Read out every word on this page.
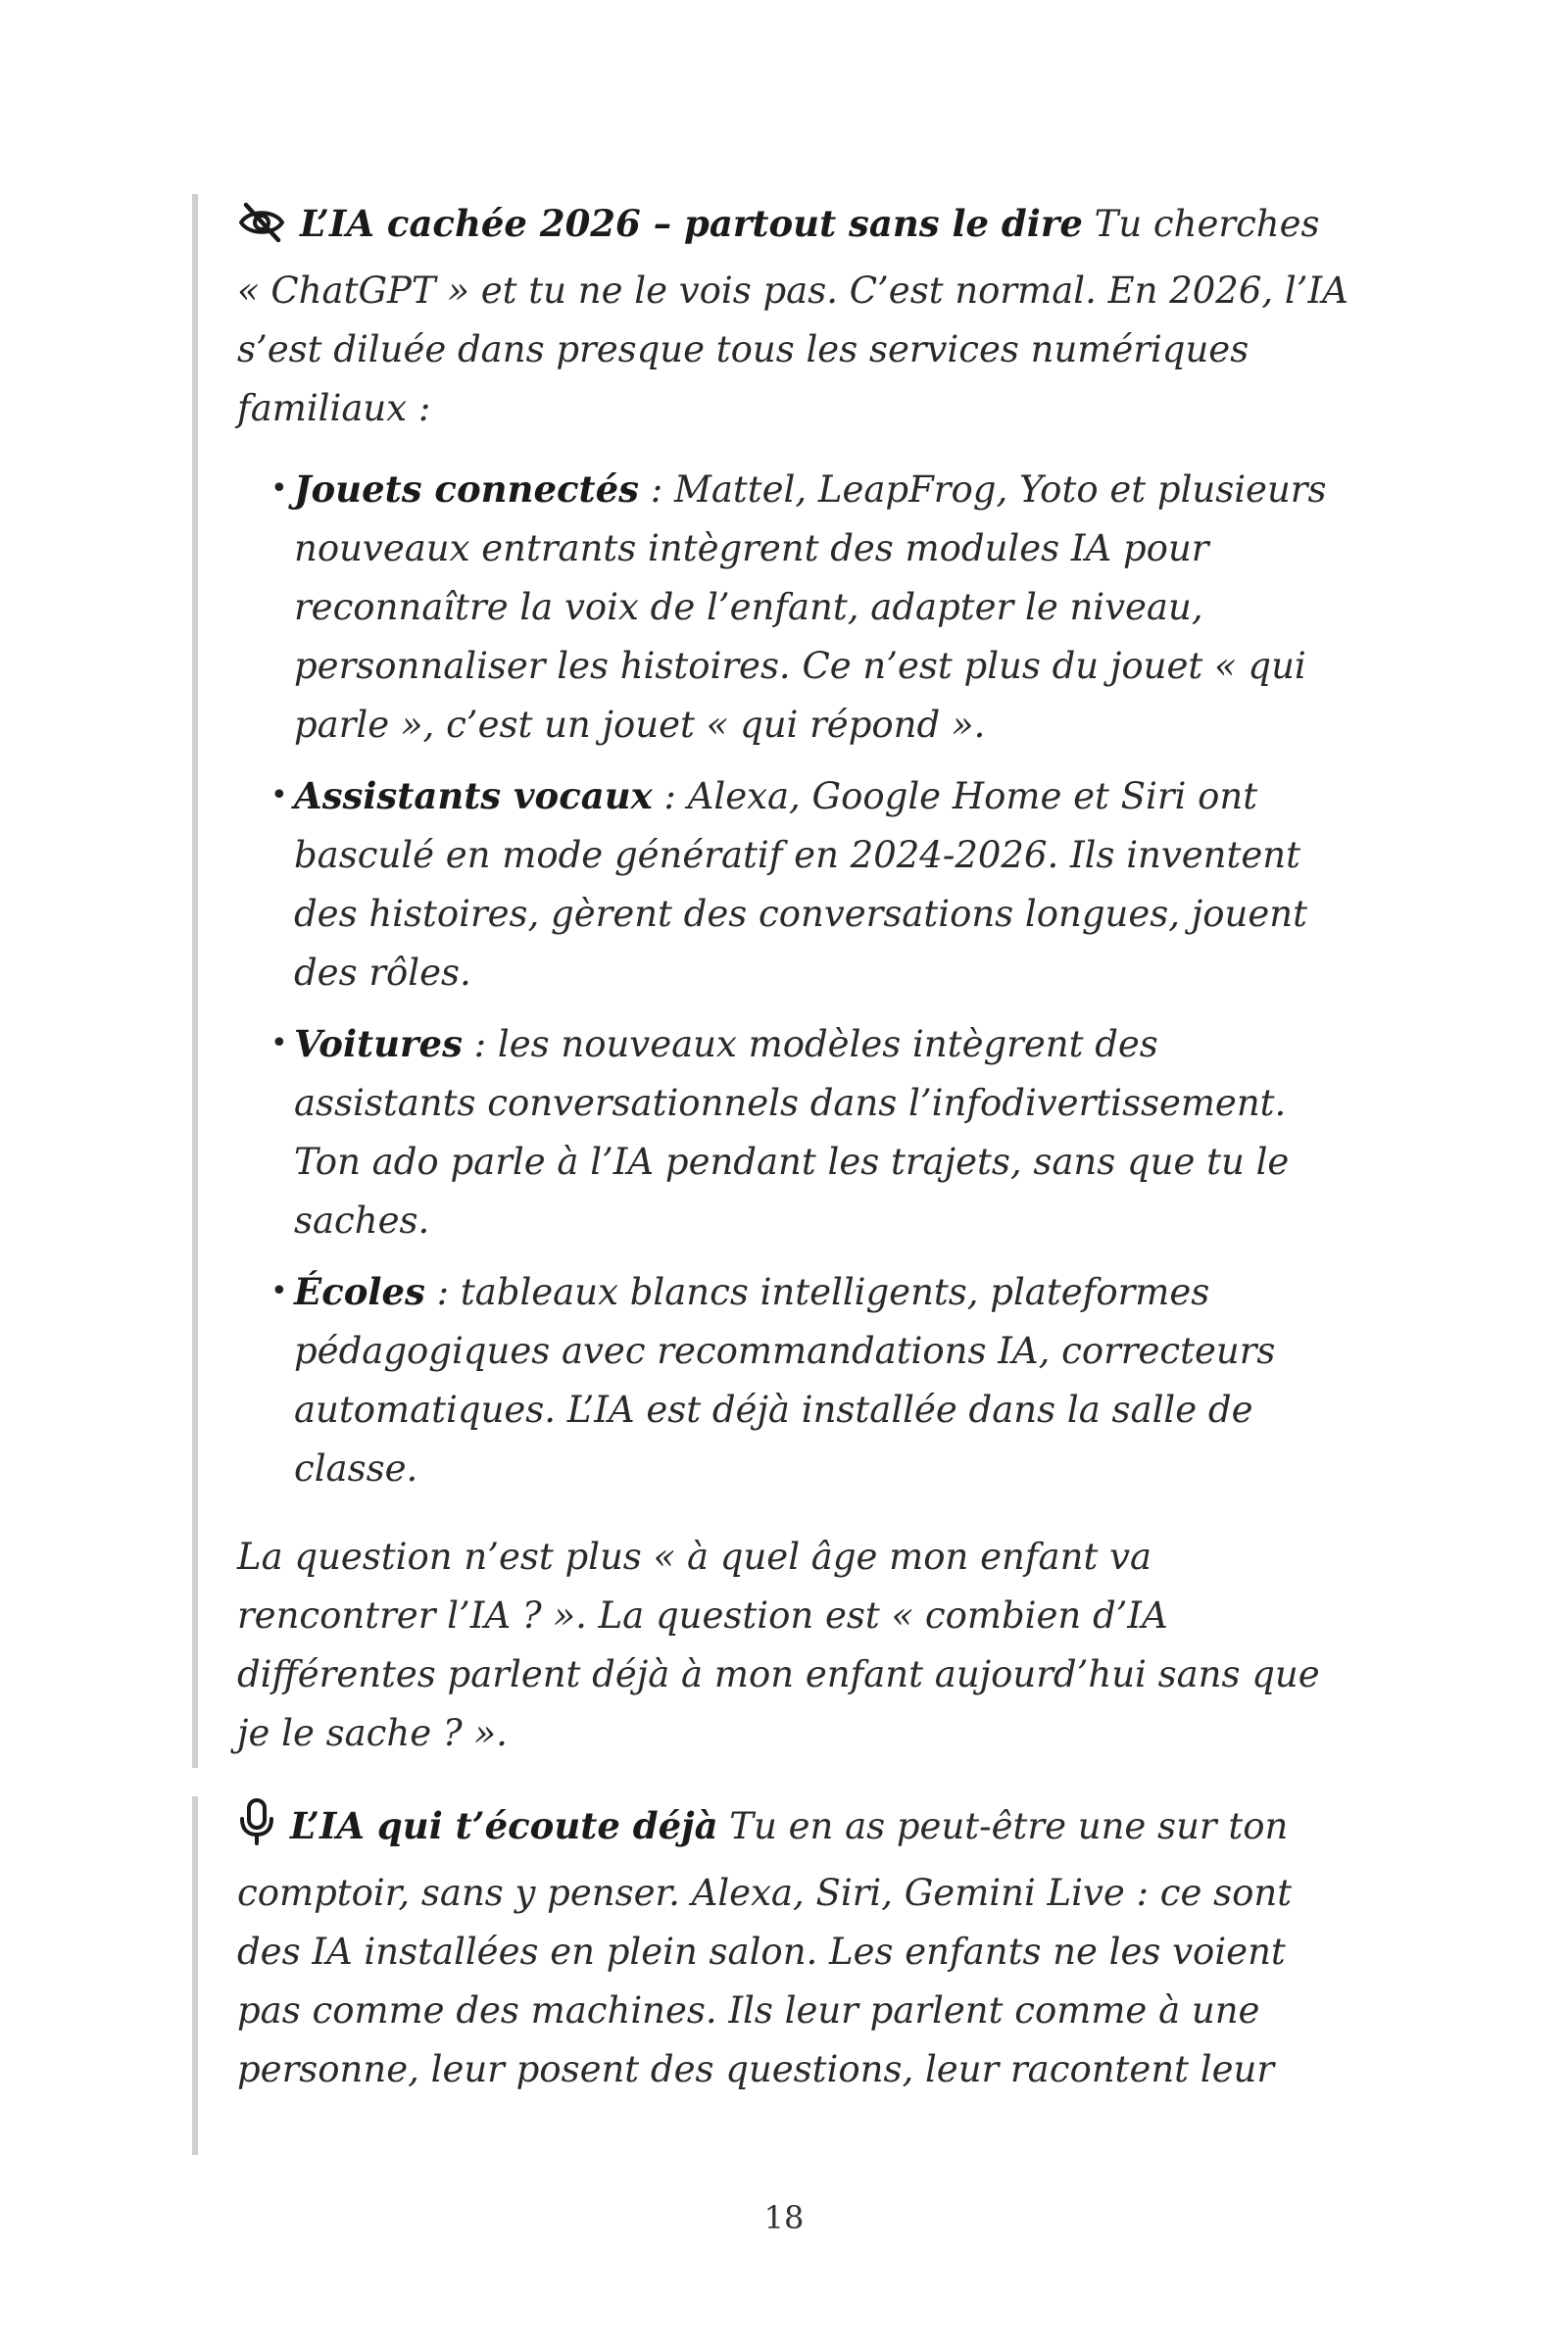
L’IA cachée 2026 – partout sans le dire Tu cherches « ChatGPT » et tu ne le vois pas. C’est normal. En 2026, l’IA s’est diluée dans presque tous les services numériques familiaux :

• Jouets connectés : Mattel, LeapFrog, Yoto et plusieurs nouveaux entrants intègrent des modules IA pour reconnaître la voix de l’enfant, adapter le niveau, personnaliser les histoires. Ce n’est plus du jouet « qui parle », c’est un jouet « qui répond ».
• Assistants vocaux : Alexa, Google Home et Siri ont basculé en mode génératif en 2024-2026. Ils inventent des histoires, gèrent des conversations longues, jouent des rôles.
• Voitures : les nouveaux modèles intègrent des assistants conversationnels dans l’infodivertissement. Ton ado parle à l’IA pendant les trajets, sans que tu le saches.
• Écoles : tableaux blancs intelligents, plateformes pédagogiques avec recommandations IA, correcteurs automatiques. L’IA est déjà installée dans la salle de classe.

La question n’est plus « à quel âge mon enfant va rencontrer l’IA ? ». La question est « combien d’IA différentes parlent déjà à mon enfant aujourd’hui sans que je le sache ? ».

L’IA qui t’écoute déjà Tu en as peut-être une sur ton comptoir, sans y penser. Alexa, Siri, Gemini Live : ce sont des IA installées en plein salon. Les enfants ne les voient pas comme des machines. Ils leur parlent comme à une personne, leur posent des questions, leur racontent leur

18
